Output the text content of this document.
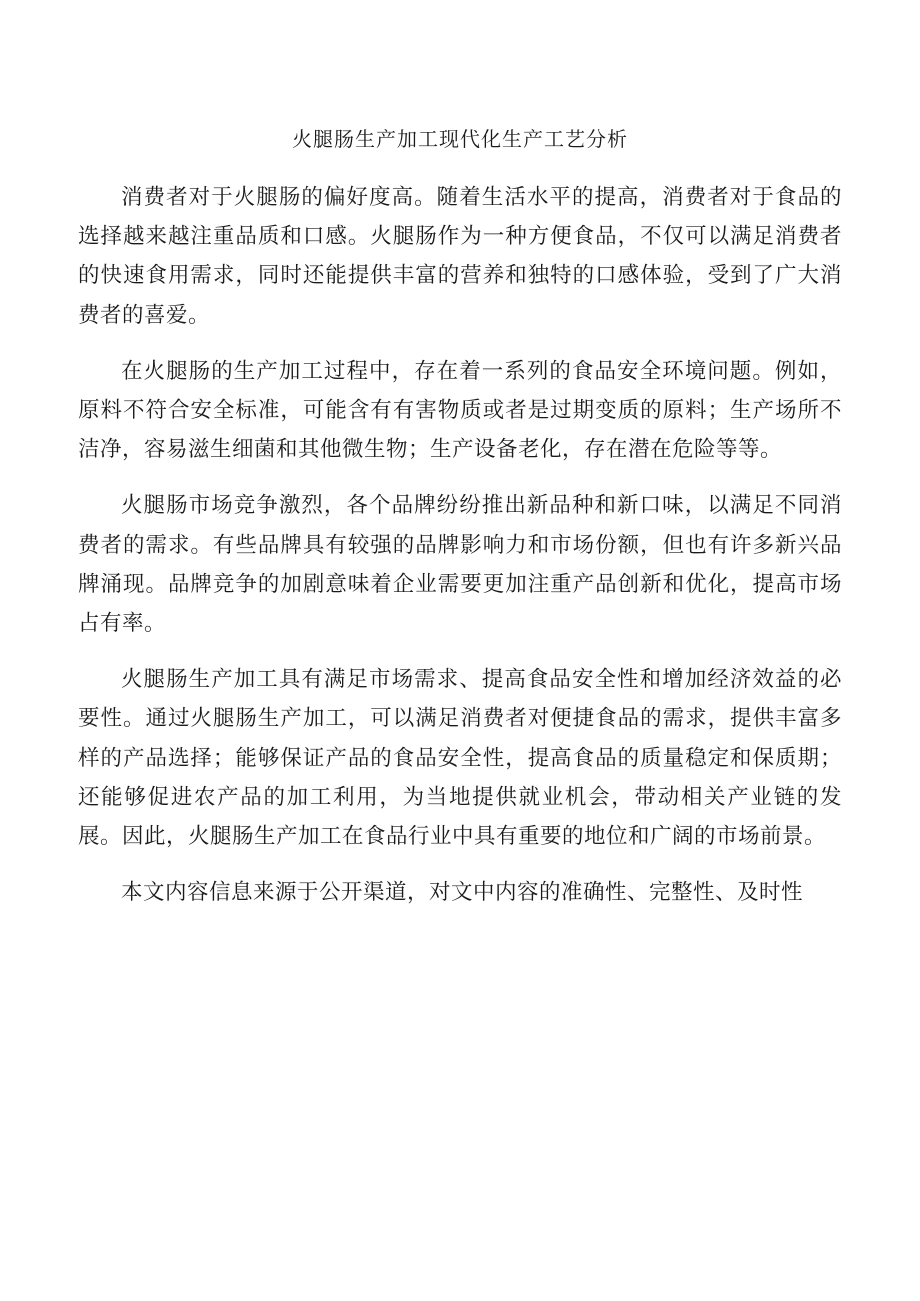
火腿肠生产加工现代化生产工艺分析

消费者对于火腿肠的偏好度高。随着生活水平的提高，消费者对于食品的选择越来越注重品质和口感。火腿肠作为一种方便食品，不仅可以满足消费者的快速食用需求，同时还能提供丰富的营养和独特的口感体验，受到了广大消费者的喜爱。

在火腿肠的生产加工过程中，存在着一系列的食品安全环境问题。例如，原料不符合安全标准，可能含有有害物质或者是过期变质的原料；生产场所不洁净，容易滋生细菌和其他微生物；生产设备老化，存在潜在危险等等。

火腿肠市场竞争激烈，各个品牌纷纷推出新品种和新口味，以满足不同消费者的需求。有些品牌具有较强的品牌影响力和市场份额，但也有许多新兴品牌涌现。品牌竞争的加剧意味着企业需要更加注重产品创新和优化，提高市场占有率。

火腿肠生产加工具有满足市场需求、提高食品安全性和增加经济效益的必要性。通过火腿肠生产加工，可以满足消费者对便捷食品的需求，提供丰富多样的产品选择；能够保证产品的食品安全性，提高食品的质量稳定和保质期；还能够促进农产品的加工利用，为当地提供就业机会，带动相关产业链的发展。因此，火腿肠生产加工在食品行业中具有重要的地位和广阔的市场前景。

本文内容信息来源于公开渠道，对文中内容的准确性、完整性、及时性
